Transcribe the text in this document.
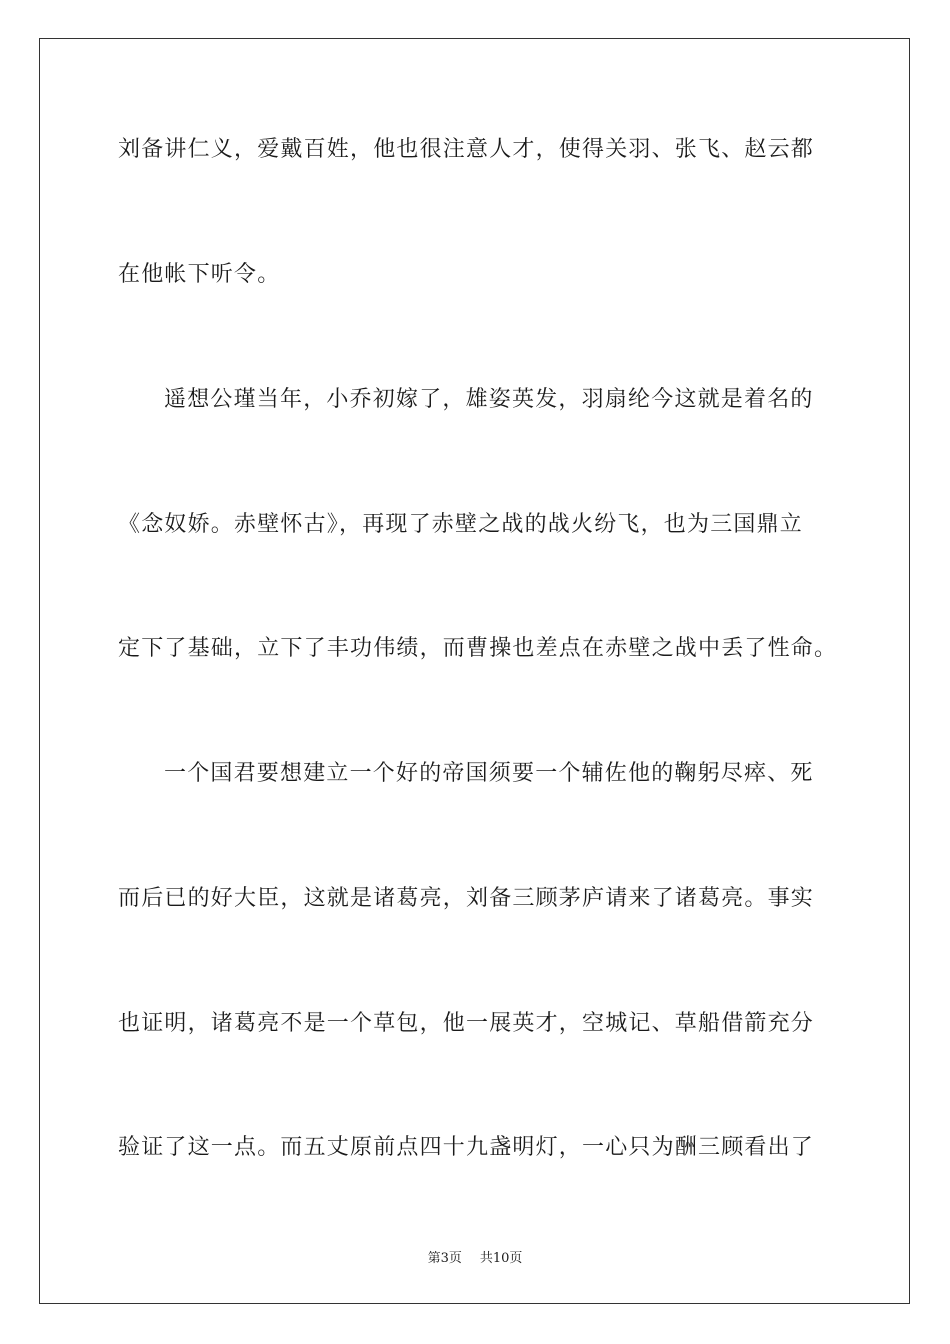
刘备讲仁义，爱戴百姓，他也很注意人才，使得关羽、张飞、赵云都
在他帐下听令。
遥想公瑾当年，小乔初嫁了，雄姿英发，羽扇纶今这就是着名的
《念奴娇。赤壁怀古》，再现了赤壁之战的战火纷飞，也为三国鼎立
定下了基础，立下了丰功伟绩，而曹操也差点在赤壁之战中丢了性命。
一个国君要想建立一个好的帝国须要一个辅佐他的鞠躬尽瘁、死
而后已的好大臣，这就是诸葛亮，刘备三顾茅庐请来了诸葛亮。事实
也证明，诸葛亮不是一个草包，他一展英才，空城记、草船借箭充分
验证了这一点。而五丈原前点四十九盏明灯，一心只为酬三顾看出了
第3页 共10页
